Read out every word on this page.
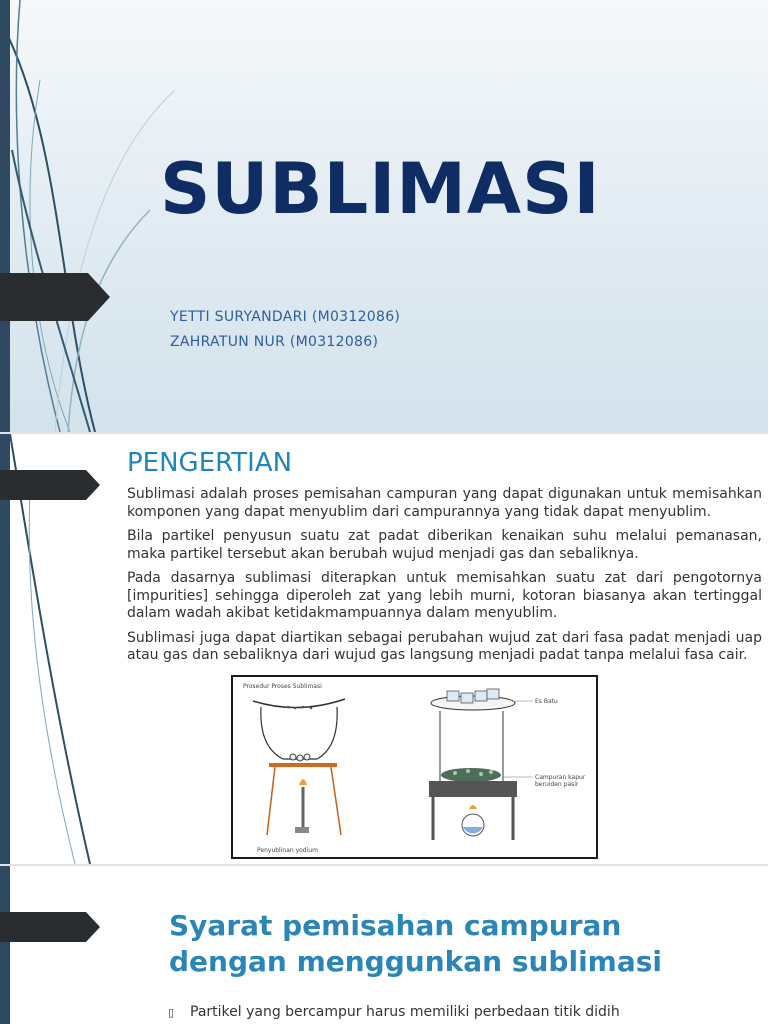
SUBLIMASI
YETTI SURYANDARI (M0312086)
ZAHRATUN NUR (M0312086)
PENGERTIAN

Sublimasi adalah proses pemisahan campuran yang dapat digunakan untuk memisahkan komponen yang dapat menyublim dari campurannya yang tidak dapat menyublim.

Bila partikel penyusun suatu zat padat diberikan kenaikan suhu melalui pemanasan, maka partikel tersebut akan berubah wujud menjadi gas dan sebaliknya.

Pada dasarnya sublimasi diterapkan untuk memisahkan suatu zat dari pengotornya [impurities] sehingga diperoleh zat yang lebih murni, kotoran biasanya akan tertinggal dalam wadah akibat ketidakmampuannya dalam menyublim.

Sublimasi juga dapat diartikan sebagai perubahan wujud zat dari fasa padat menjadi uap atau gas dan sebaliknya dari wujud gas langsung menjadi padat tanpa melalui fasa cair.

Prosedur Proses Sublimasi
Es Batu
Campuran kapur
beruiden pasir
Penyublinan yodium
Syarat pemisahan campuran dengan menggunkan sublimasi
▯ Partikel yang bercampur harus memiliki perbedaan titik didih
